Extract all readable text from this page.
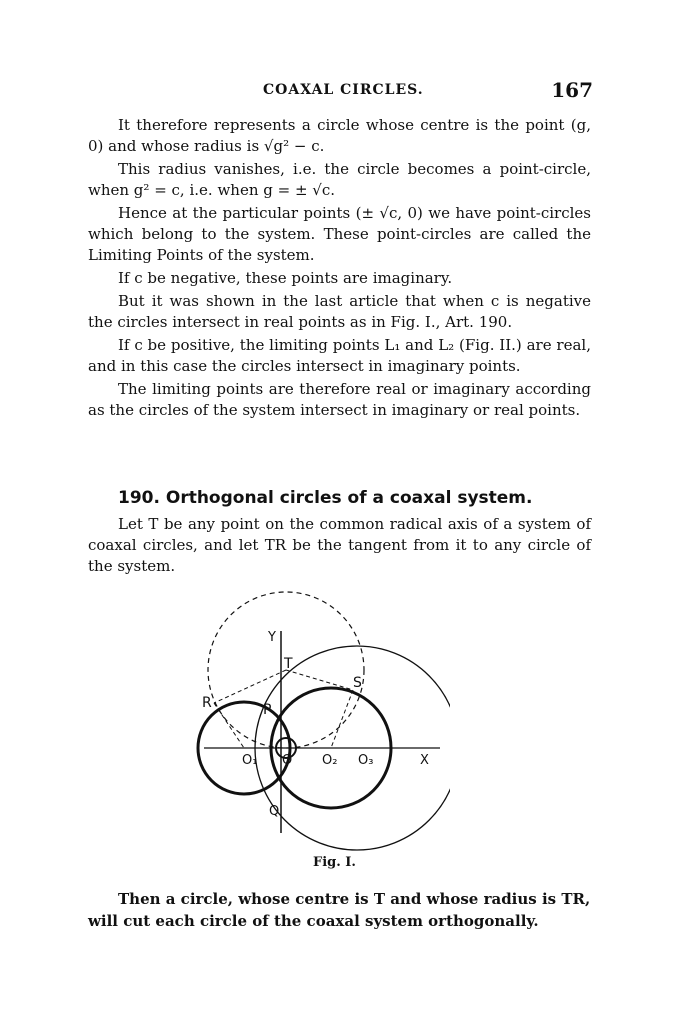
COAXAL CIRCLES.	167

It therefore represents a circle whose centre is the point (g, 0) and whose radius is √g² − c.

This radius vanishes, i.e. the circle becomes a point-circle, when g² = c, i.e. when g = ± √c.

Hence at the particular points (± √c, 0) we have point-circles which belong to the system. These point-circles are called the Limiting Points of the system.

If c be negative, these points are imaginary.

But it was shown in the last article that when c is negative the circles intersect in real points as in Fig. I., Art. 190.

If c be positive, the limiting points L₁ and L₂ (Fig. II.) are real, and in this case the circles intersect in imaginary points.

The limiting points are therefore real or imaginary according as the circles of the system intersect in imaginary or real points.

190. Orthogonal circles of a coaxal system.

Let T be any point on the common radical axis of a system of coaxal circles, and let TR be the tangent from it to any circle of the system.

Y
T
S
R	P
O₁ O O₂ O₃	X
Q
Fig. I.
Then a circle, whose centre is T and whose radius is TR, will cut each circle of the coaxal system orthogonally.
